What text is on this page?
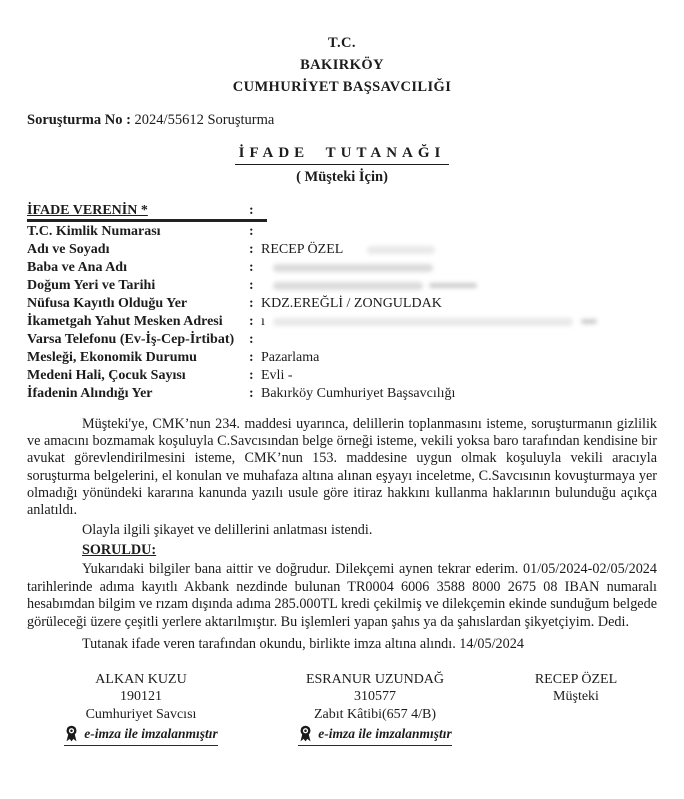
T.C.
BAKIRKÖY
CUMHURİYET BAŞSAVCILIĞI
Soruşturma No : 2024/55612 Soruşturma
İFADE TUTANAĞI
( Müşteki İçin)
İFADE VERENİN *	:
T.C. Kimlik Numarası	:
Adı ve Soyadı	: RECEP ÖZEL
Baba ve Ana Adı	:
Doğum Yeri ve Tarihi	:
Nüfusa Kayıtlı Olduğu Yer	: KDZ.EREĞLİ / ZONGULDAK
İkametgah Yahut Mesken Adresi	: ı
Varsa Telefonu (Ev-İş-Cep-İrtibat)	:
Mesleği, Ekonomik Durumu	: Pazarlama
Medeni Hali, Çocuk Sayısı	: Evli -
İfadenin Alındığı Yer	: Bakırköy Cumhuriyet Başsavcılığı

Müşteki'ye, CMK’nun 234. maddesi uyarınca, delillerin toplanmasını isteme, soruşturmanın gizlilik ve amacını bozmamak koşuluyla C.Savcısından belge örneği isteme, vekili yoksa baro tarafından kendisine bir avukat görevlendirilmesini isteme, CMK’nun 153. maddesine uygun olmak koşuluyla vekili aracıyla soruşturma belgelerini, el konulan ve muhafaza altına alınan eşyayı inceletme, C.Savcısının kovuşturmaya yer olmadığı yönündeki kararına kanunda yazılı usule göre itiraz hakkını kullanma haklarının bulunduğu açıkça anlatıldı.

Olayla ilgili şikayet ve delillerini anlatması istendi.

SORULDU:

Yukarıdaki bilgiler bana aittir ve doğrudur. Dilekçemi aynen tekrar ederim. 01/05/2024-02/05/2024 tarihlerinde adıma kayıtlı Akbank nezdinde bulunan TR0004 6006 3588 8000 2675 08 IBAN numaralı hesabımdan bilgim ve rızam dışında adıma 285.000TL kredi çekilmiş ve dilekçemin ekinde sunduğum belgede görüleceği üzere çeşitli yerlere aktarılmıştır. Bu işlemleri yapan şahıs ya da şahıslardan şikyetçiyim. Dedi.

Tutanak ifade veren tarafından okundu, birlikte imza altına alındı. 14/05/2024

ALKAN KUZU
190121
Cumhuriyet Savcısı
e-imza ile imzalanmıştır
ESRANUR UZUNDAĞ
310577
Zabıt Kâtibi(657 4/B)
e-imza ile imzalanmıştır
RECEP ÖZEL
Müşteki
